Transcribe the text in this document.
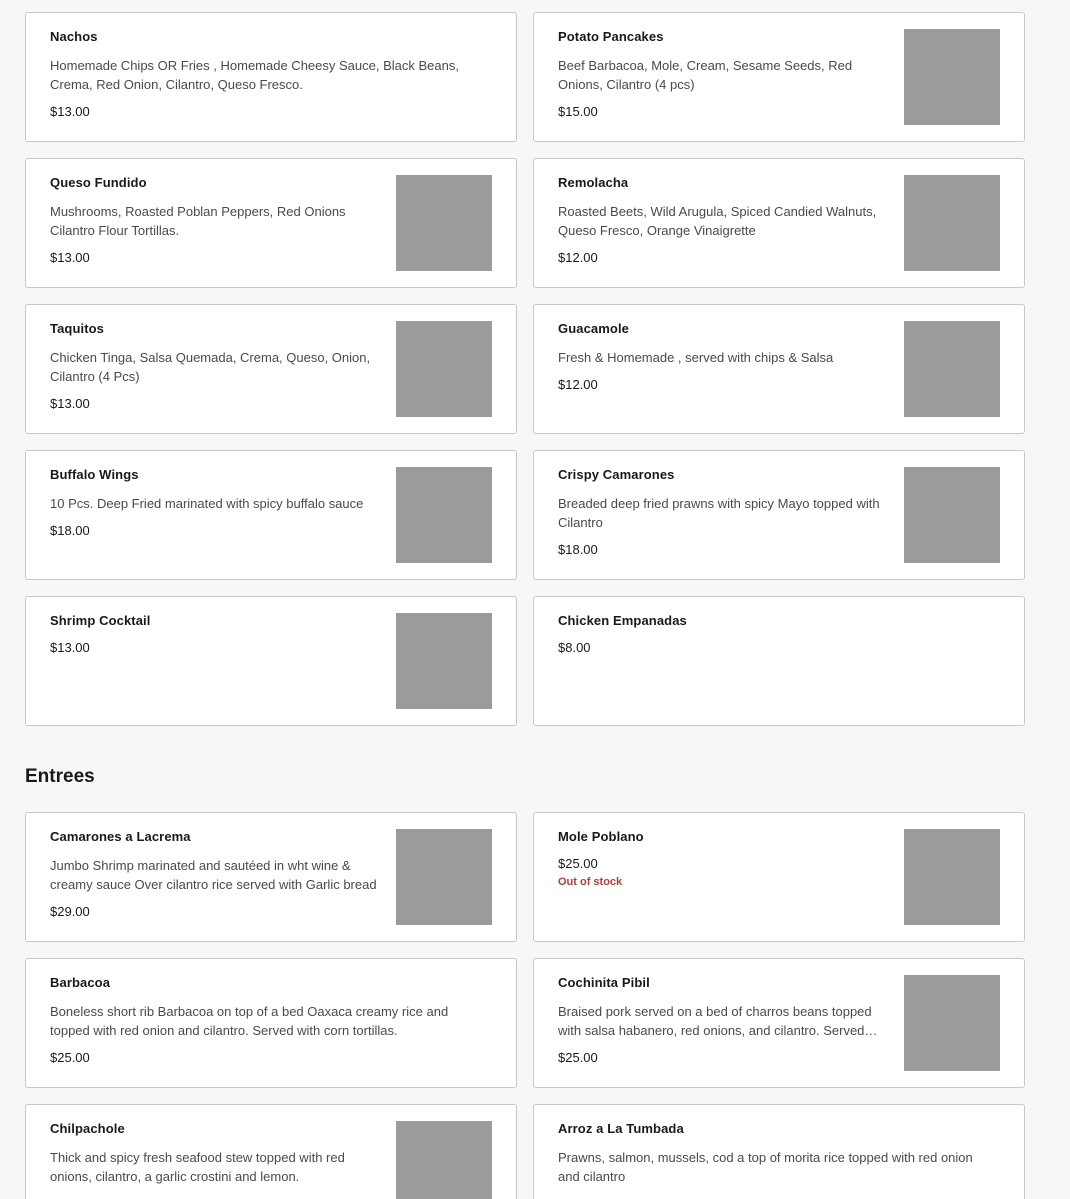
Nachos
Homemade Chips OR Fries , Homemade Cheesy Sauce, Black Beans, Crema, Red Onion, Cilantro, Queso Fresco.
$13.00
Potato Pancakes
Beef Barbacoa, Mole, Cream, Sesame Seeds, Red Onions, Cilantro (4 pcs)
$15.00
Queso Fundido
Mushrooms, Roasted Poblan Peppers, Red Onions Cilantro Flour Tortillas.
$13.00
Remolacha
Roasted Beets, Wild Arugula, Spiced Candied Walnuts, Queso Fresco, Orange Vinaigrette
$12.00
Taquitos
Chicken Tinga, Salsa Quemada, Crema, Queso, Onion, Cilantro (4 Pcs)
$13.00
Guacamole
Fresh & Homemade , served with chips & Salsa
$12.00
Buffalo Wings
10 Pcs. Deep Fried marinated with spicy buffalo sauce
$18.00
Crispy Camarones
Breaded deep fried prawns with spicy Mayo topped with Cilantro
$18.00
Shrimp Cocktail
$13.00
Chicken Empanadas
$8.00
Entrees
Camarones a Lacrema
Jumbo Shrimp marinated and sautéed in wht wine & creamy sauce Over cilantro rice served with Garlic bread
$29.00
Mole Poblano
$25.00
Out of stock
Barbacoa
Boneless short rib Barbacoa on top of a bed Oaxaca creamy rice and topped with red onion and cilantro. Served with corn tortillas.
$25.00
Cochinita Pibil
Braised pork served on a bed of charros beans topped with salsa habanero, red onions, and cilantro. Served
$25.00
Chilpachole
Thick and spicy fresh seafood stew topped with red onions, cilantro, a garlic crostini and lemon.
Arroz a La Tumbada
Prawns, salmon, mussels, cod a top of morita rice topped with red onion and cilantro
